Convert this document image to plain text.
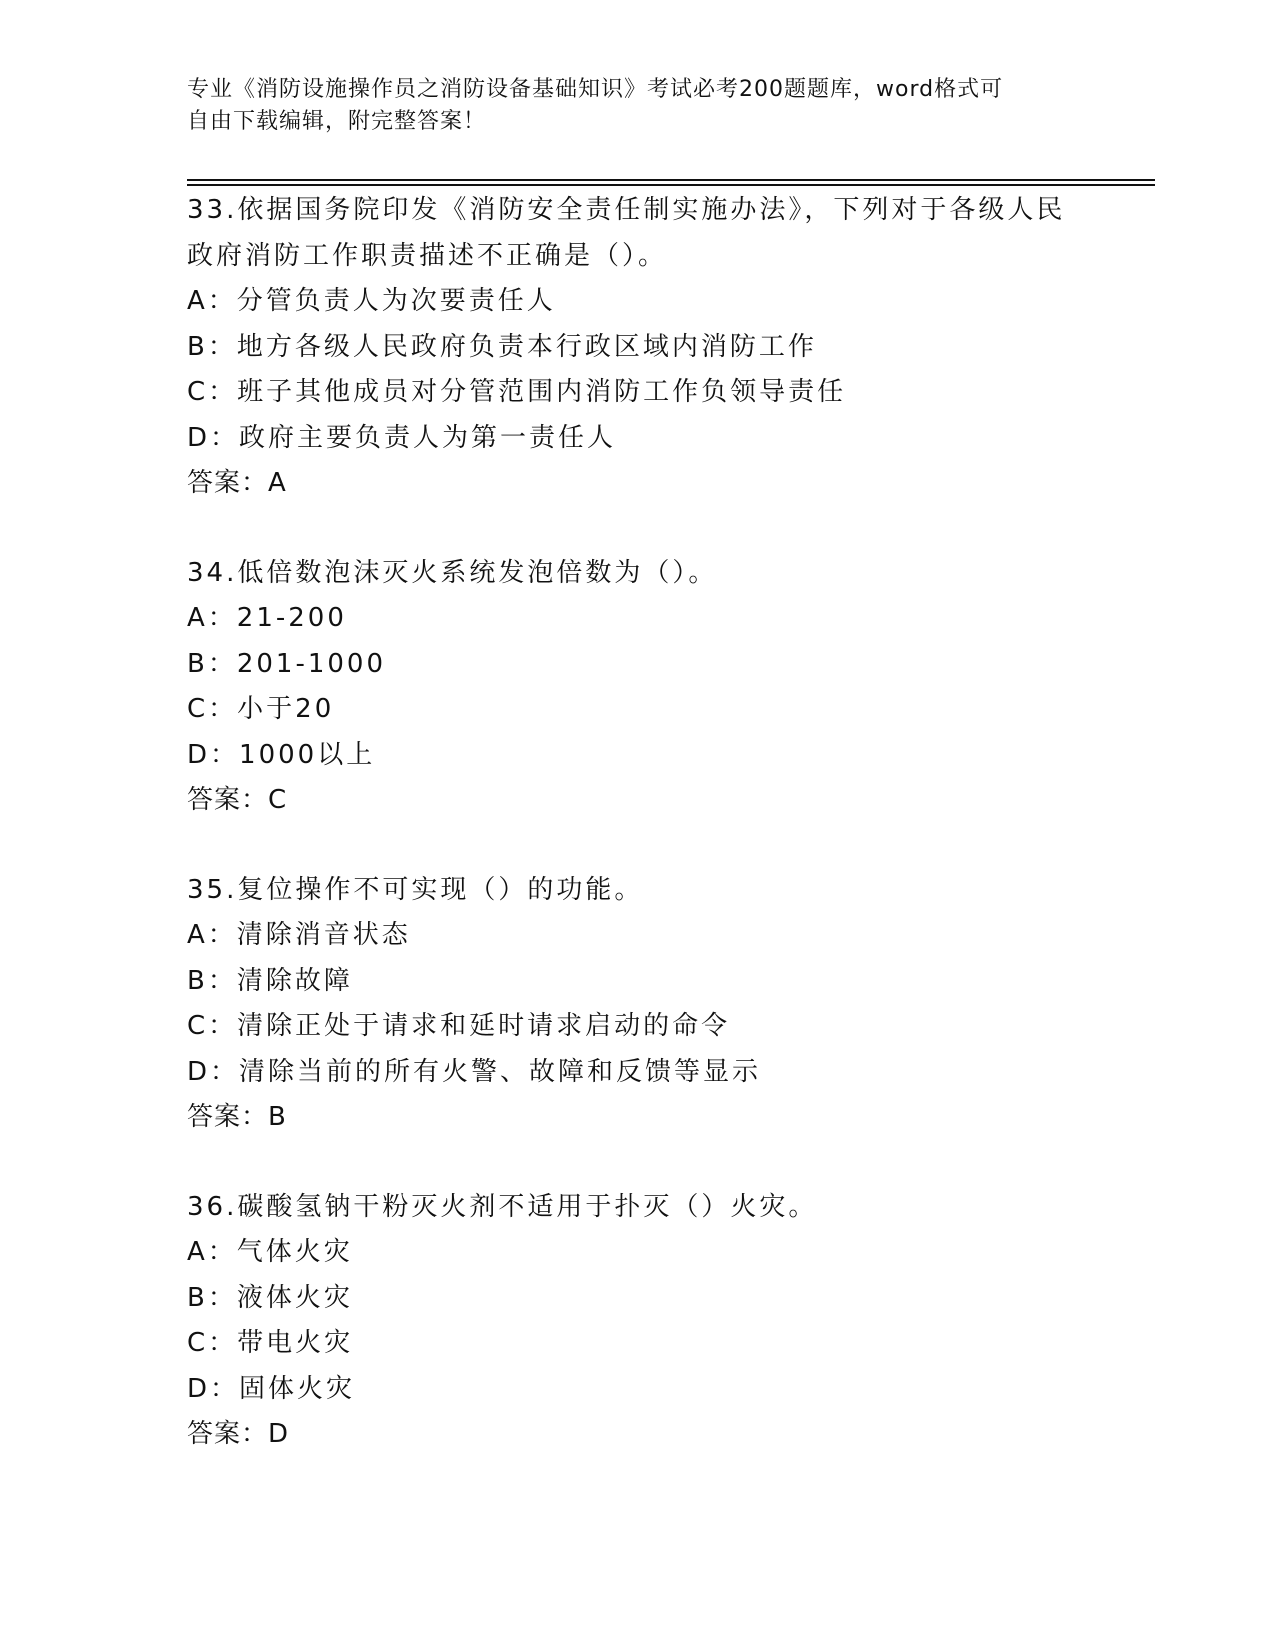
专业《消防设施操作员之消防设备基础知识》考试必考200题题库，word格式可
自由下载编辑，附完整答案！
33.依据国务院印发《消防安全责任制实施办法》，下列对于各级人民
政府消防工作职责描述不正确是（）。
A：分管负责人为次要责任人
B：地方各级人民政府负责本行政区域内消防工作
C：班子其他成员对分管范围内消防工作负领导责任
D：政府主要负责人为第一责任人
答案：A
34.低倍数泡沫灭火系统发泡倍数为（）。
A：21-200
B：201-1000
C：小于20
D：1000以上
答案：C
35.复位操作不可实现（）的功能。
A：清除消音状态
B：清除故障
C：清除正处于请求和延时请求启动的命令
D：清除当前的所有火警、故障和反馈等显示
答案：B
36.碳酸氢钠干粉灭火剂不适用于扑灭（）火灾。
A：气体火灾
B：液体火灾
C：带电火灾
D：固体火灾
答案：D
